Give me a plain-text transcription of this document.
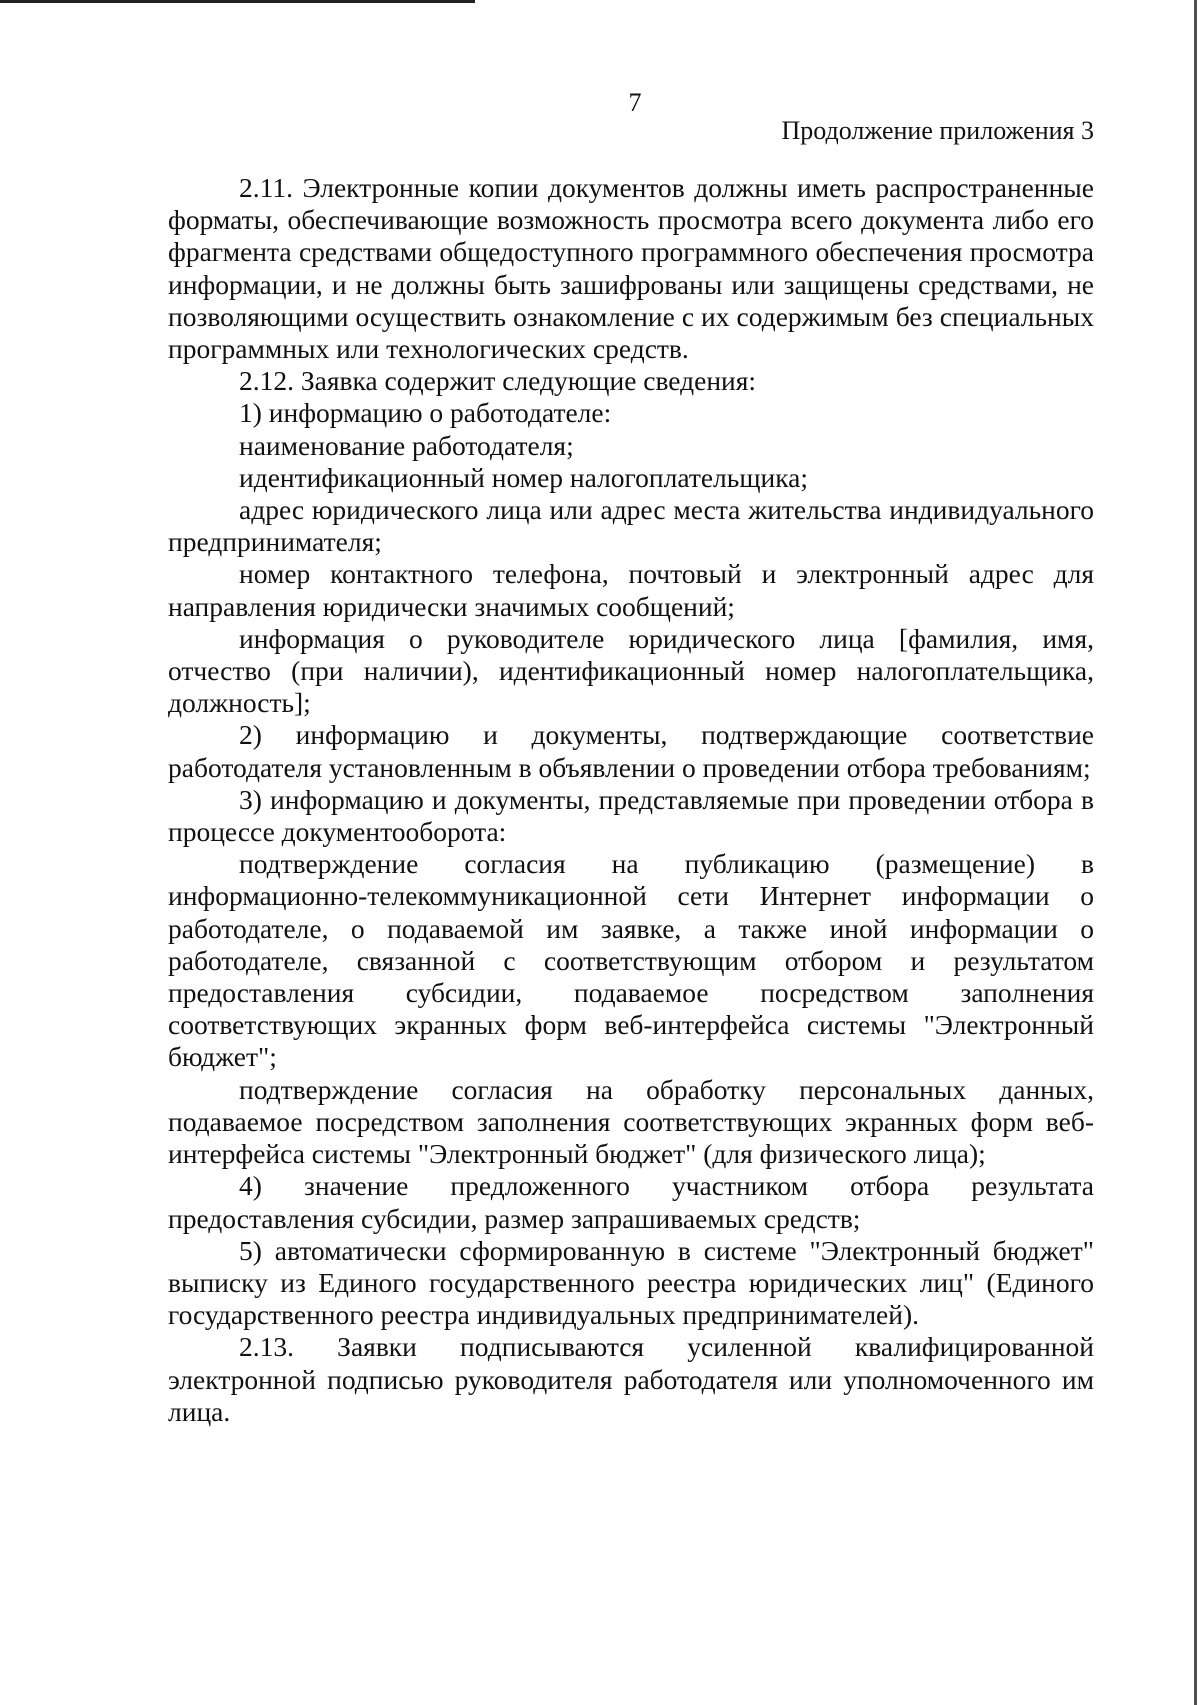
7
Продолжение приложения 3

2.11. Электронные копии документов должны иметь распространенные форматы, обеспечивающие возможность просмотра всего документа либо его фрагмента средствами общедоступного программного обеспечения просмотра информации, и не должны быть зашифрованы или защищены средствами, не позволяющими осуществить ознакомление с их содержимым без специальных программных или технологических средств.

2.12. Заявка содержит следующие сведения:

1) информацию о работодателе:

наименование работодателя;

идентификационный номер налогоплательщика;

адрес юридического лица или адрес места жительства индивидуального предпринимателя;

номер контактного телефона, почтовый и электронный адрес для направления юридически значимых сообщений;

информация о руководителе юридического лица [фамилия, имя, отчество (при наличии), идентификационный номер налогоплательщика, должность];

2) информацию и документы, подтверждающие соответствие работодателя установленным в объявлении о проведении отбора требованиям;

3) информацию и документы, представляемые при проведении отбора в процессе документооборота:

подтверждение согласия на публикацию (размещение) в информационно-телекоммуникационной сети Интернет информации о работодателе, о подаваемой им заявке, а также иной информации о работодателе, связанной с соответствующим отбором и результатом предоставления субсидии, подаваемое посредством заполнения соответствующих экранных форм веб-интерфейса системы "Электронный бюджет";

подтверждение согласия на обработку персональных данных, подаваемое посредством заполнения соответствующих экранных форм веб-интерфейса системы "Электронный бюджет" (для физического лица);

4) значение предложенного участником отбора результата предоставления субсидии, размер запрашиваемых средств;

5) автоматически сформированную в системе "Электронный бюджет" выписку из Единого государственного реестра юридических лиц" (Единого государственного реестра индивидуальных предпринимателей).

2.13. Заявки подписываются усиленной квалифицированной электронной подписью руководителя работодателя или уполномоченного им лица.
